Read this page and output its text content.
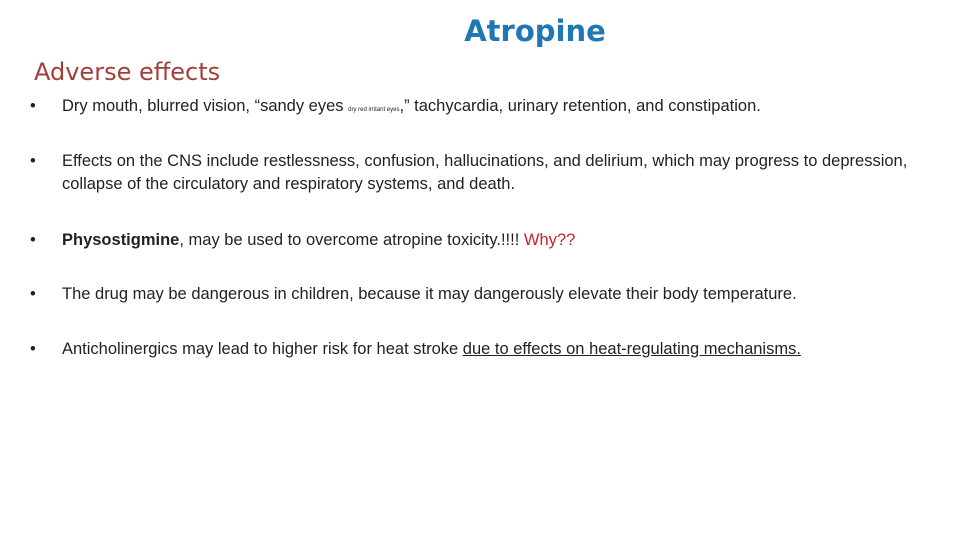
Atropine
Adverse effects
•	Dry mouth, blurred vision, “sandy eyes dry red irritant eyes,” tachycardia, urinary retention, and constipation.
•	Effects on the CNS include restlessness, confusion, hallucinations, and delirium, which may progress to depression, collapse of the circulatory and respiratory systems, and death.
•	Physostigmine, may be used to overcome atropine toxicity.!!!! Why??
•	The drug may be dangerous in children, because it may dangerously elevate their body temperature.
•	Anticholinergics may lead to higher risk for heat stroke due to effects on heat-regulating mechanisms.
